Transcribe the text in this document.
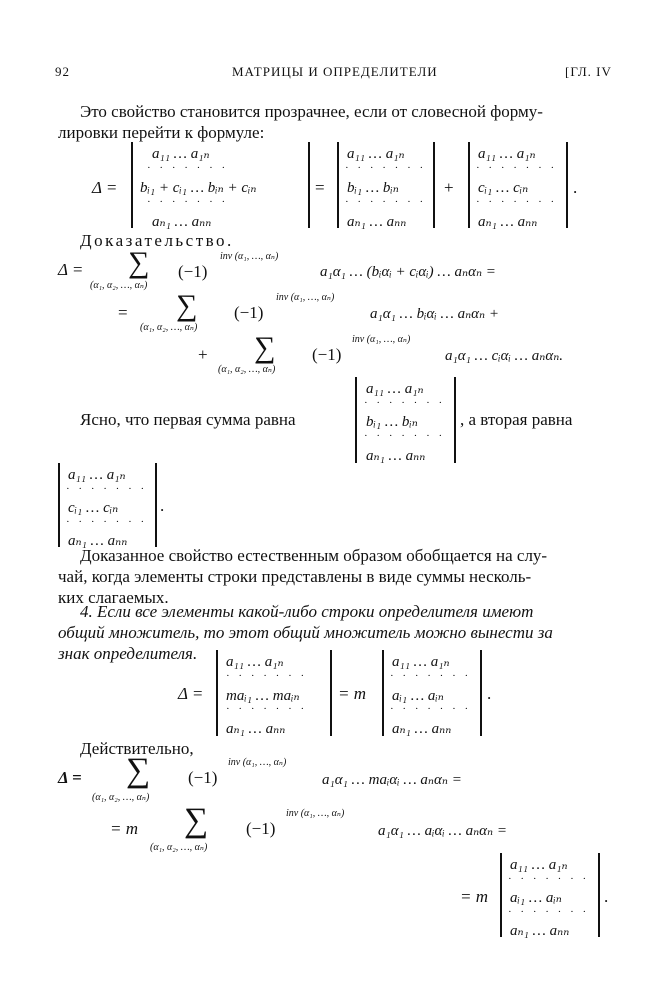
92	МАТРИЦЫ И ОПРЕДЕЛИТЕЛИ	[ГЛ. IV
Это свойство становится прозрачнее, если от словесной форму-
лировки перейти к формуле:
Δ =
a₁₁ … a₁ₙ
· · · · · · ·
bᵢ₁ + cᵢ₁ … bᵢₙ + cᵢₙ
· · · · · · ·
aₙ₁ … aₙₙ
=
a₁₁ … a₁ₙ
· · · · · · ·
bᵢ₁ … bᵢₙ
· · · · · · ·
aₙ₁ … aₙₙ
+
a₁₁ … a₁ₙ
· · · · · · ·
cᵢ₁ … cᵢₙ
· · · · · · ·
aₙ₁ … aₙₙ
.
Доказательство.
Δ = ∑
(α₁, α₂, …, αₙ)
(−1)
inv (α₁, …, αₙ)
a₁α₁ … (bᵢαᵢ + cᵢαᵢ) … aₙαₙ =
= ∑
(α₁, α₂, …, αₙ)
(−1)
inv (α₁, …, αₙ)
a₁α₁ … bᵢαᵢ … aₙαₙ +
+ ∑
(α₁, α₂, …, αₙ)
(−1)
inv (α₁, …, αₙ)
a₁α₁ … cᵢαᵢ … aₙαₙ.
Ясно, что первая сумма равна
a₁₁ … a₁ₙ
· · · · · · ·
bᵢ₁ … bᵢₙ
· · · · · · ·
aₙ₁ … aₙₙ
, а вторая равна
a₁₁ … a₁ₙ
· · · · · · ·
cᵢ₁ … cᵢₙ
· · · · · · ·
aₙ₁ … aₙₙ
.
Доказанное свойство естественным образом обобщается на слу-
чай, когда элементы строки представлены в виде суммы несколь-
ких слагаемых.
4. Если все элементы какой-либо строки определителя имеют
общий множитель, то этот общий множитель можно вынести за
знак определителя.
Δ =
a₁₁ … a₁ₙ
· · · · · · ·
maᵢ₁ … maᵢₙ
· · · · · · ·
aₙ₁ … aₙₙ
= m
a₁₁ … a₁ₙ
· · · · · · ·
aᵢ₁ … aᵢₙ
· · · · · · ·
aₙ₁ … aₙₙ
.
Действительно,
Δ = ∑
(α₁, α₂, …, αₙ)
(−1)
inv (α₁, …, αₙ)
a₁α₁ … maᵢαᵢ … aₙαₙ =
= m ∑
(α₁, α₂, …, αₙ)
(−1)
inv (α₁, …, αₙ)
a₁α₁ … aᵢαᵢ … aₙαₙ =
= m
a₁₁ … a₁ₙ
· · · · · · ·
aᵢ₁ … aᵢₙ
· · · · · · ·
aₙ₁ … aₙₙ
.
